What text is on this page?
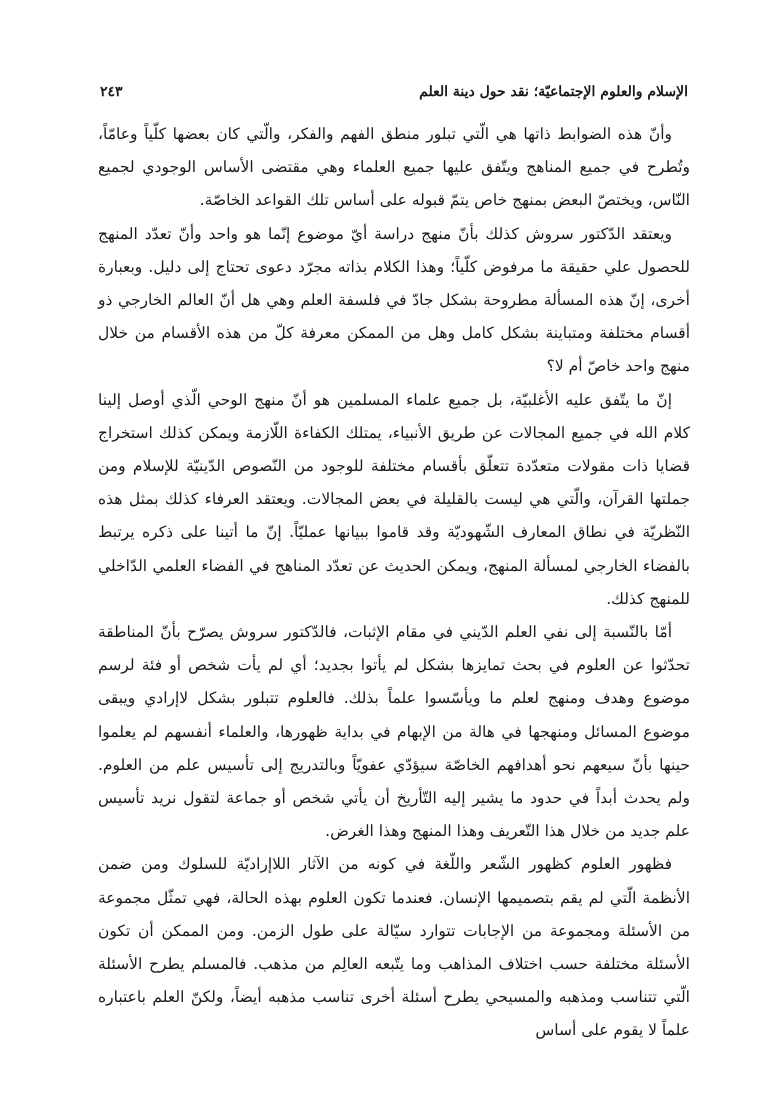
الإسلام والعلوم الإجتماعيّة؛ نقد حول دينة العلم
٢٤٣

وأنّ هذه الضوابط ذاتها هي الّتي تبلور منطق الفهم والفكر، والّتي كان بعضها كلّياً وعامّاً، وتُطرح في جميع المناهج ويتّفق عليها جميع العلماء وهي مقتضى الأساس الوجودي لجميع النّاس، ويختصّ البعض بمنهج خاص يتمّ قبوله على أساس تلك القواعد الخاصّة.

ويعتقد الدّكتور سروش كذلك بأنّ منهج دراسة أيّ موضوع إنّما هو واحد وأنّ تعدّد المنهج للحصول علي حقيقة ما مرفوض كلّياً؛ وهذا الكلام بذاته مجرّد دعوى تحتاج إلى دليل. وبعبارة أخرى، إنّ هذه المسألة مطروحة بشكل جادّ في فلسفة العلم وهي هل أنّ العالم الخارجي ذو أقسام مختلفة ومتباينة بشكل كامل وهل من الممكن معرفة كلّ من هذه الأقسام من خلال منهج واحد خاصّ أم لا؟

إنّ ما يتّفق عليه الأغلبيّة، بل جميع علماء المسلمين هو أنّ منهج الوحي الّذي أوصل إلينا كلام الله في جميع المجالات عن طريق الأنبياء، يمتلك الكفاءة اللّازمة ويمكن كذلك استخراج قضايا ذات مقولات متعدّدة تتعلّق بأقسام مختلفة للوجود من النّصوص الدّينيّة للإسلام ومن جملتها القرآن، والّتي هي ليست بالقليلة في بعض المجالات. ويعتقد العرفاء كذلك بمثل هذه النّظريّة في نطاق المعارف الشّهوديّة وقد قاموا ببيانها عمليّاً. إنّ ما أتينا على ذكره يرتبط بالفضاء الخارجي لمسألة المنهج، ويمكن الحديث عن تعدّد المناهج في الفضاء العلمي الدّاخلي للمنهج كذلك.

أمّا بالنّسبة إلى نفي العلم الدّيني في مقام الإثبات، فالدّكتور سروش يصرّح بأنّ المناطقة تحدّثوا عن العلوم في بحث تمايزها بشكل لم يأتوا بجديد؛ أي لم يأت شخص أو فئة لرسم موضوع وهدف ومنهج لعلم ما ويأسّسوا علماً بذلك. فالعلوم تتبلور بشكل لاإرادي ويبقى موضوع المسائل ومنهجها في هالة من الإبهام في بداية ظهورها، والعلماء أنفسهم لم يعلموا حينها بأنّ سيعهم نحو أهدافهم الخاصّة سيؤدّي عفويّاً وبالتدريج إلى تأسيس علم من العلوم. ولم يحدث أبداً في حدود ما يشير إليه التّأريخ أن يأتي شخص أو جماعة لتقول نريد تأسيس علم جديد من خلال هذا التّعريف وهذا المنهج وهذا الغرض.

فظهور العلوم كظهور الشّعر واللّغة في كونه من الآثار اللاإراديّة للسلوك ومن ضمن الأنظمة الّتي لم يقم بتصميمها الإنسان. فعندما تكون العلوم بهذه الحالة، فهي تمثّل مجموعة من الأسئلة ومجموعة من الإجابات تتوارد سيّالة على طول الزمن. ومن الممكن أن تكون الأسئلة مختلفة حسب اختلاف المذاهب وما يتّبعه العالِم من مذهب. فالمسلم يطرح الأسئلة الّتي تتناسب ومذهبه والمسيحي يطرح أسئلة أخرى تناسب مذهبه أيضاً، ولكنّ العلم باعتباره علماً لا يقوم على أساس
